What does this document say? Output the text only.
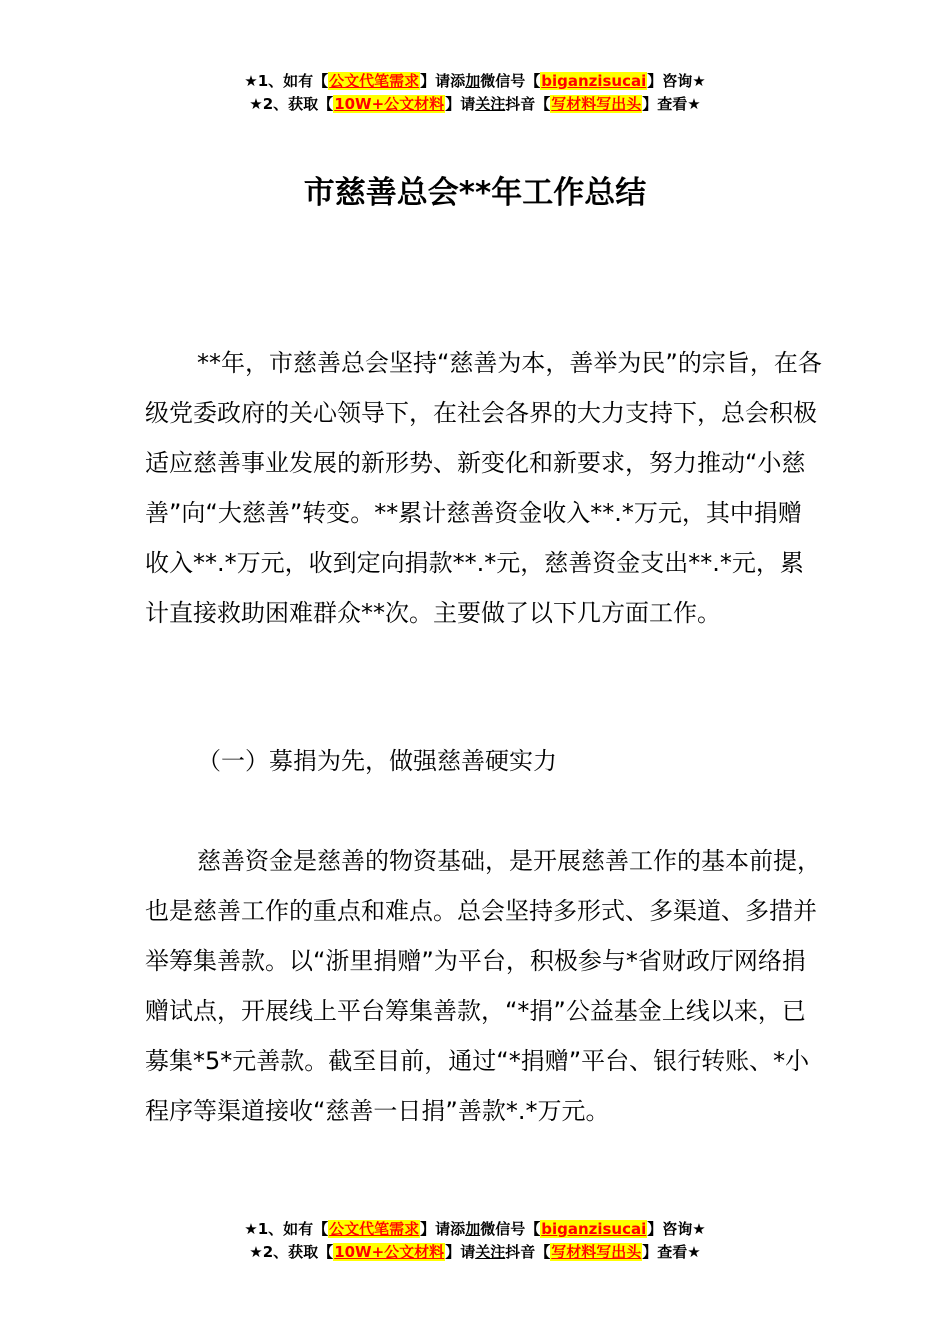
★1、如有【公文代笔需求】请添加微信号【biganzisucai】咨询★
★2、获取【10W+公文材料】请关注抖音【写材料写出头】查看★
市慈善总会**年工作总结

**年，市慈善总会坚持“慈善为本，善举为民”的宗旨，在各级党委政府的关心领导下，在社会各界的大力支持下，总会积极适应慈善事业发展的新形势、新变化和新要求，努力推动“小慈善”向“大慈善”转变。**累计慈善资金收入**.*万元，其中捐赠收入**.*万元，收到定向捐款**.*元，慈善资金支出**.*元，累计直接救助困难群众**次。主要做了以下几方面工作。

（一）募捐为先，做强慈善硬实力

慈善资金是慈善的物资基础，是开展慈善工作的基本前提，也是慈善工作的重点和难点。总会坚持多形式、多渠道、多措并举筹集善款。以“浙里捐赠”为平台，积极参与*省财政厅网络捐赠试点，开展线上平台筹集善款，“*捐”公益基金上线以来，已募集*5*元善款。截至目前，通过“*捐赠”平台、银行转账、*小程序等渠道接收“慈善一日捐”善款*.*万元。

★1、如有【公文代笔需求】请添加微信号【biganzisucai】咨询★
★2、获取【10W+公文材料】请关注抖音【写材料写出头】查看★
